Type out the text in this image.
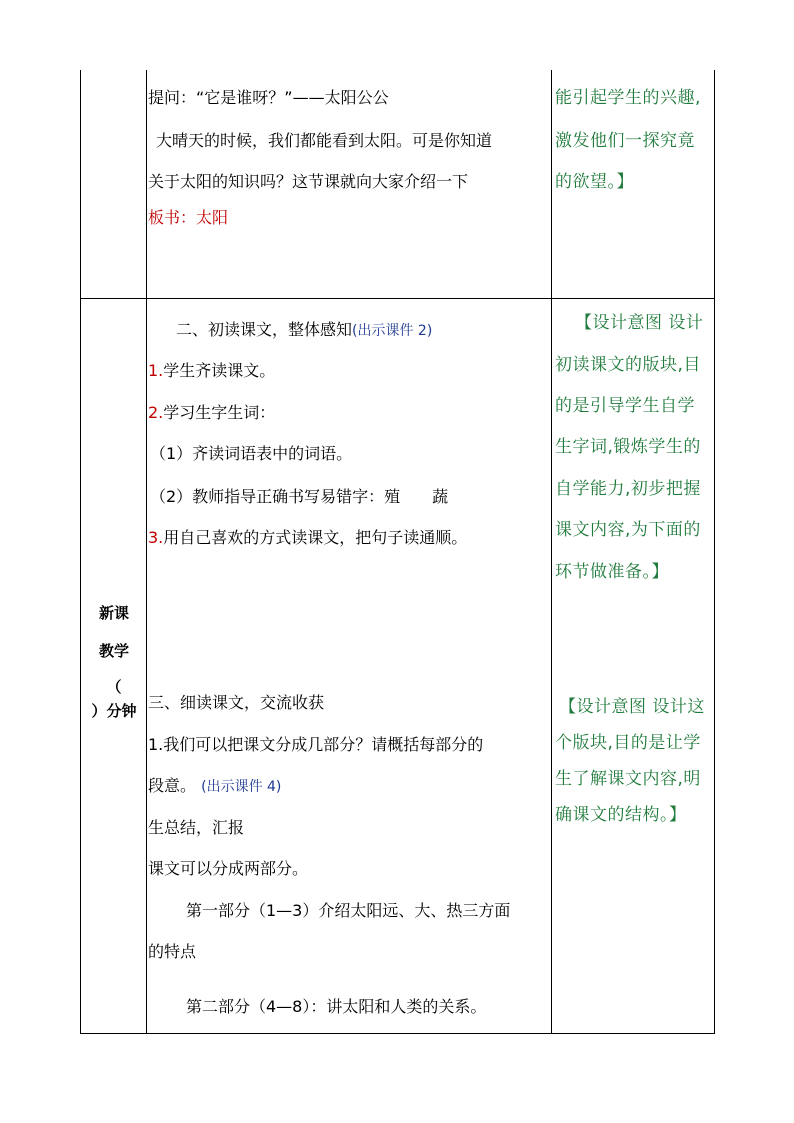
提问：“它是谁呀？”——太阳公公
大晴天的时候，我们都能看到太阳。可是你知道
关于太阳的知识吗？这节课就向大家介绍一下
板书：太阳
能引起学生的兴趣,
激发他们一探究竟
的欲望。】
新课
教学
（
）分钟
二、初读课文，整体感知(出示课件 2)
1.学生齐读课文。
2.学习生字生词：
（1）齐读词语表中的词语。
（2）教师指导正确书写易错字：殖　　蔬
3.用自己喜欢的方式读课文，把句子读通顺。
【设计意图 设计
初读课文的版块,目
的是引导学生自学
生字词,锻炼学生的
自学能力,初步把握
课文内容,为下面的
环节做准备。】
三、细读课文，交流收获
1.我们可以把课文分成几部分？请概括每部分的
段意。 (出示课件 4)
生总结，汇报
课文可以分成两部分。
第一部分（1—3）介绍太阳远、大、热三方面
的特点
第二部分（4—8）：讲太阳和人类的关系。
【设计意图 设计这
个版块,目的是让学
生了解课文内容,明
确课文的结构。】
